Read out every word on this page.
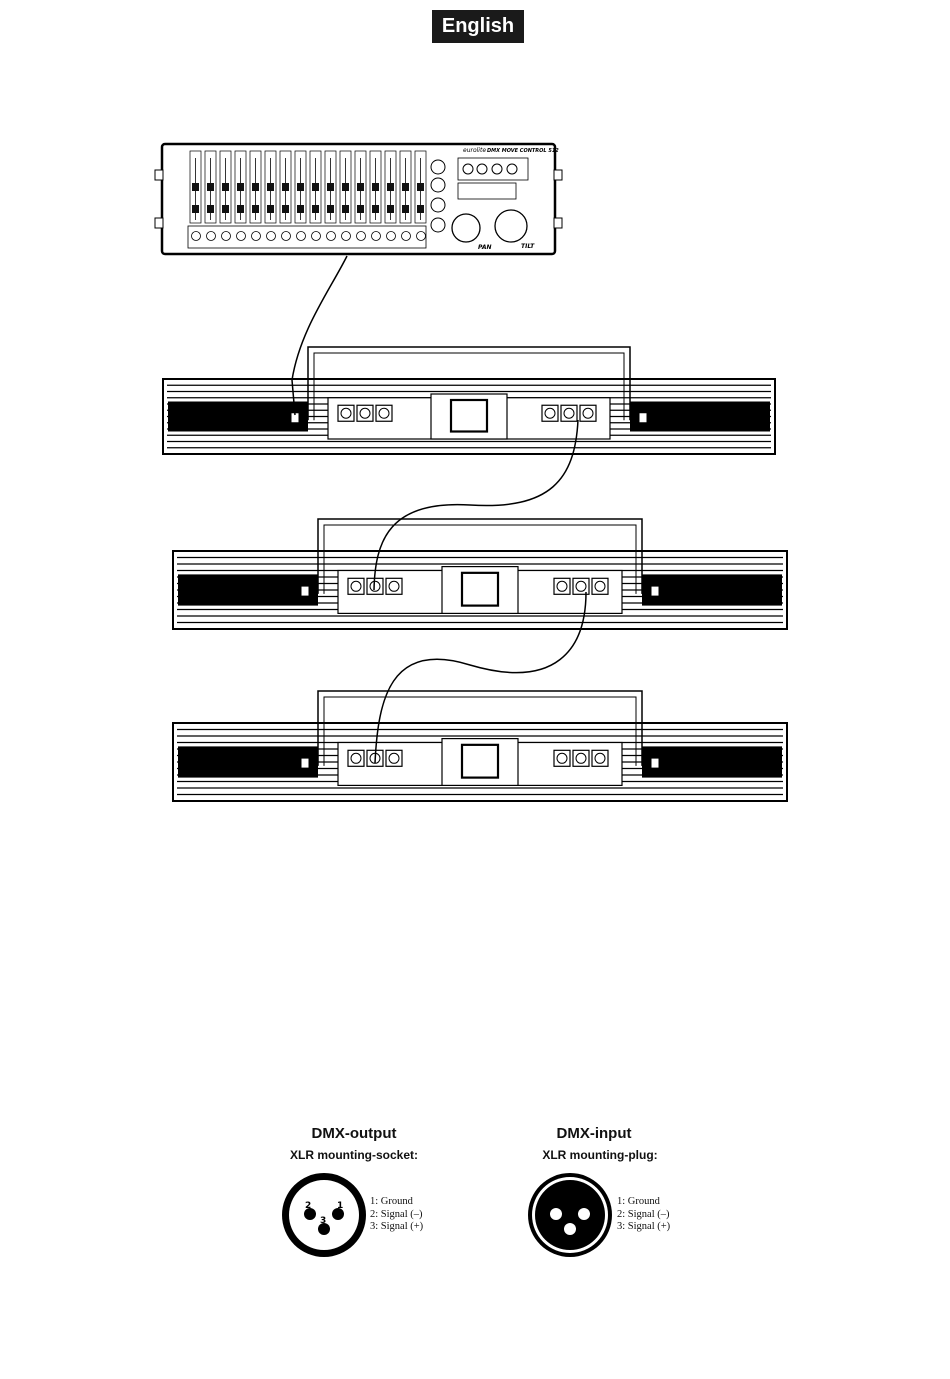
English
eurolite DMX MOVE CONTROL 512
PAN	TILT
2	1
3
1	2
3
DMX-output
XLR mounting-socket:
1: Ground
2: Signal (–)
3: Signal (+)
DMX-input
XLR mounting-plug:
1: Ground
2: Signal (–)
3: Signal (+)
